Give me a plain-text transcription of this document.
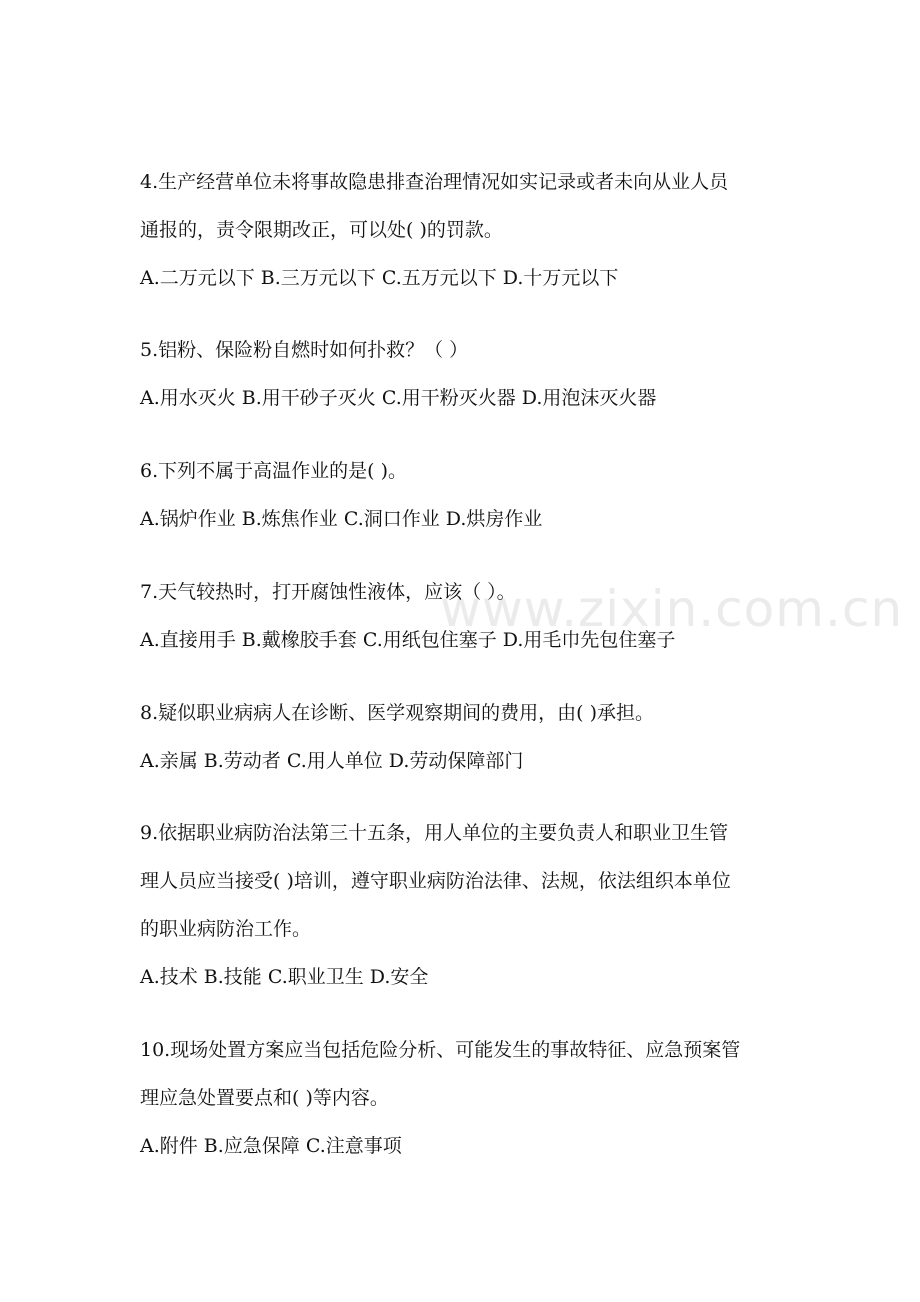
www.zixin.com.cn
4.生产经营单位未将事故隐患排查治理情况如实记录或者未向从业人员
通报的，责令限期改正，可以处( )的罚款。
A.二万元以下 B.三万元以下 C.五万元以下 D.十万元以下
5.铝粉、保险粉自燃时如何扑救？（ ）
A.用水灭火 B.用干砂子灭火 C.用干粉灭火器 D.用泡沫灭火器
6.下列不属于高温作业的是( )。
A.锅炉作业 B.炼焦作业 C.洞口作业 D.烘房作业
7.天气较热时，打开腐蚀性液体，应该（ ）。
A.直接用手 B.戴橡胶手套 C.用纸包住塞子 D.用毛巾先包住塞子
8.疑似职业病病人在诊断、医学观察期间的费用，由( )承担。
A.亲属 B.劳动者 C.用人单位 D.劳动保障部门
9.依据职业病防治法第三十五条，用人单位的主要负责人和职业卫生管
理人员应当接受( )培训，遵守职业病防治法律、法规，依法组织本单位
的职业病防治工作。
A.技术 B.技能 C.职业卫生 D.安全
10.现场处置方案应当包括危险分析、可能发生的事故特征、应急预案管
理应急处置要点和( )等内容。
A.附件 B.应急保障 C.注意事项
